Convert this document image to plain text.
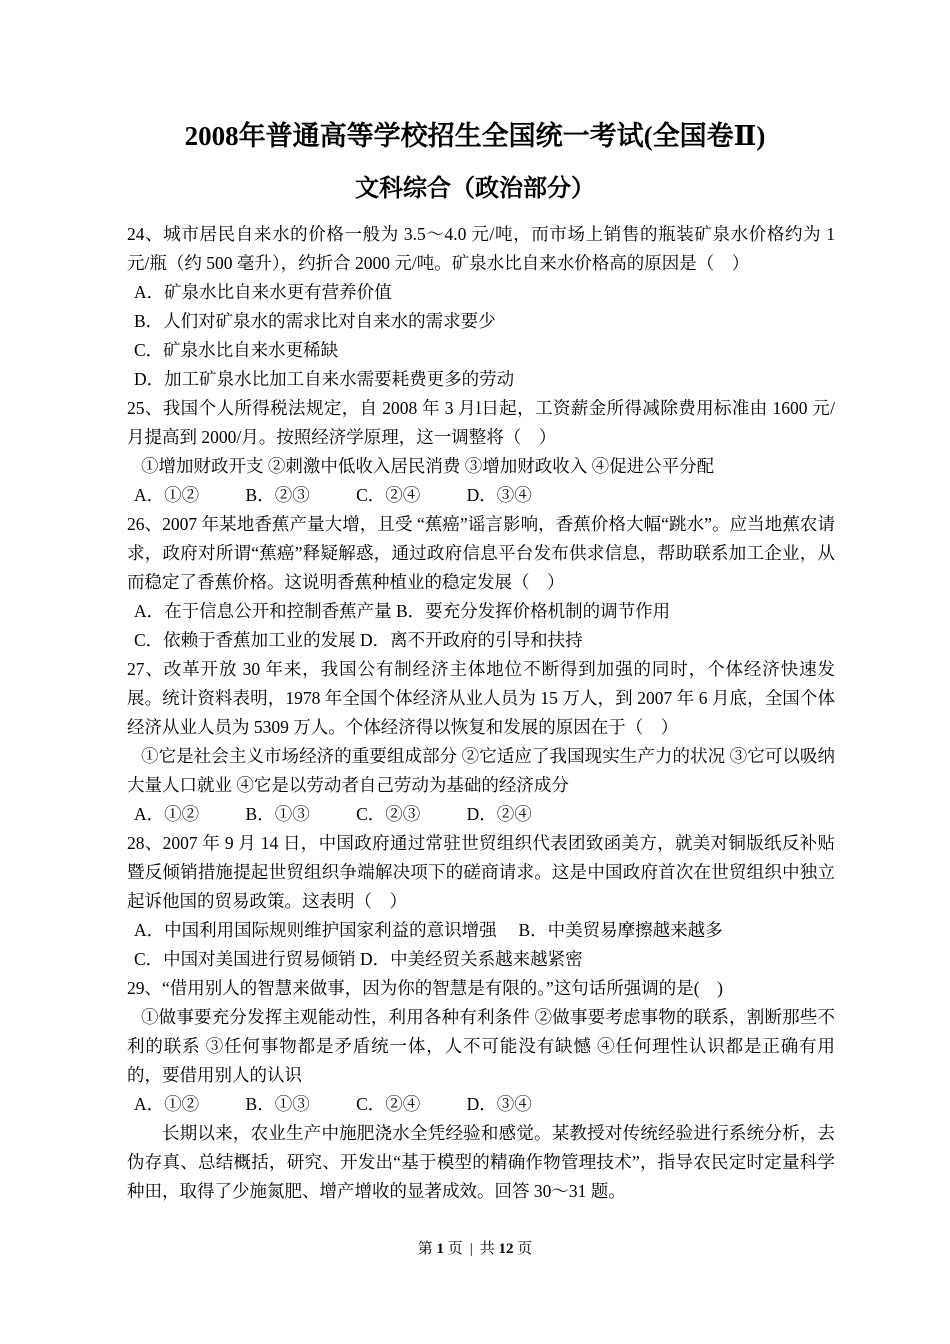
2008年普通高等学校招生全国统一考试(全国卷Ⅱ)
文科综合（政治部分）

24、城市居民自来水的价格一般为 3.5～4.0 元/吨，而市场上销售的瓶装矿泉水价格约为 1 元/瓶（约 500 毫升），约折合 2000 元/吨。矿泉水比自来水价格高的原因是（　）

A．矿泉水比自来水更有营养价值

B．人们对矿泉水的需求比对自来水的需求要少

C．矿泉水比自来水更稀缺

D．加工矿泉水比加工自来水需要耗费更多的劳动

25、我国个人所得税法规定，自 2008 年 3 月l日起，工资薪金所得减除费用标准由 1600 元/月提高到 2000/月。按照经济学原理，这一调整将（　）

①增加财政开支 ②刺激中低收入居民消费 ③增加财政收入 ④促进公平分配

A．①②	B．②③	C．②④	D．③④

26、2007 年某地香蕉产量大增，且受 “蕉癌”谣言影响，香蕉价格大幅“跳水”。应当地蕉农请求，政府对所谓“蕉癌”释疑解惑，通过政府信息平台发布供求信息，帮助联系加工企业，从而稳定了香蕉价格。这说明香蕉种植业的稳定发展（　）

A．在于信息公开和控制香蕉产量 B．要充分发挥价格机制的调节作用

C．依赖于香蕉加工业的发展 D．离不开政府的引导和扶持

27、改革开放 30 年来，我国公有制经济主体地位不断得到加强的同时，个体经济快速发展。统计资料表明，1978 年全国个体经济从业人员为 15 万人，到 2007 年 6 月底，全国个体经济从业人员为 5309 万人。个体经济得以恢复和发展的原因在于（　）

①它是社会主义市场经济的重要组成部分 ②它适应了我国现实生产力的状况 ③它可以吸纳大量人口就业 ④它是以劳动者自己劳动为基础的经济成分

A．①②	B．①③	C．②③	D．②④

28、2007 年 9 月 14 日，中国政府通过常驻世贸组织代表团致函美方，就美对铜版纸反补贴暨反倾销措施提起世贸组织争端解决项下的磋商请求。这是中国政府首次在世贸组织中独立起诉他国的贸易政策。这表明（　）

A．中国利用国际规则维护国家利益的意识增强　 B．中美贸易摩擦越来越多

C．中国对美国进行贸易倾销 D．中美经贸关系越来越紧密

29、“借用别人的智慧来做事，因为你的智慧是有限的。”这句话所强调的是(　)

①做事要充分发挥主观能动性，利用各种有利条件 ②做事要考虑事物的联系，割断那些不利的联系 ③任何事物都是矛盾统一体，人不可能没有缺憾 ④任何理性认识都是正确有用的，要借用别人的认识

A．①②	B．①③	C．②④	D．③④

长期以来，农业生产中施肥浇水全凭经验和感觉。某教授对传统经验进行系统分析，去伪存真、总结概括，研究、开发出“基于模型的精确作物管理技术”，指导农民定时定量科学种田，取得了少施氮肥、增产增收的显著成效。回答 30～31 题。

第 1 页 | 共 12 页
